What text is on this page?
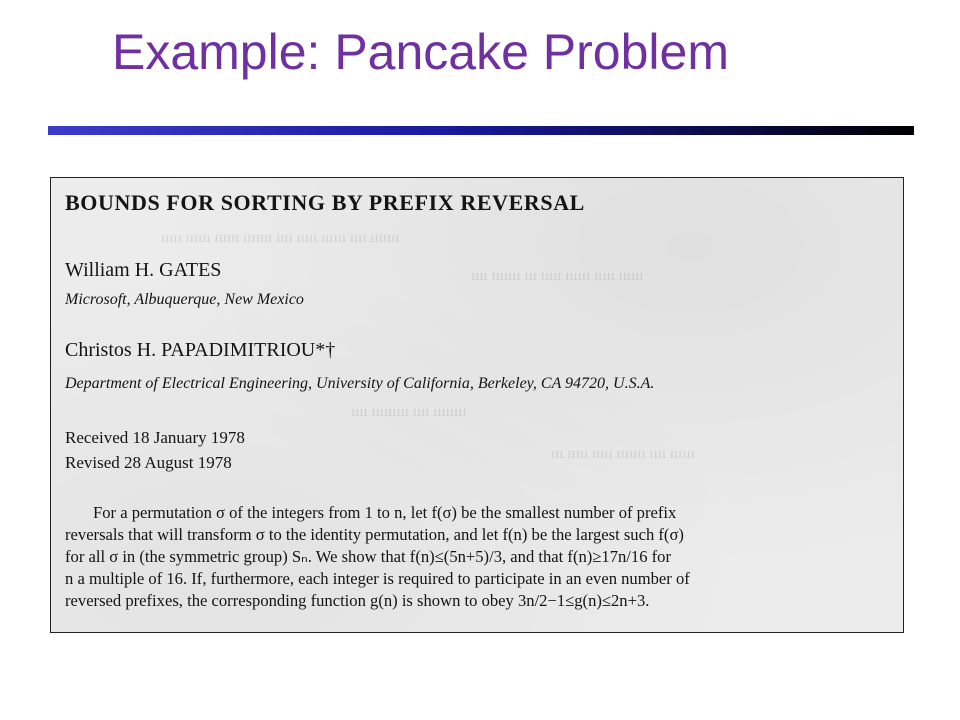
Example: Pancake Problem
ııııııı ıııı ıııııı ııııı ıııı ııııııı ıııııı ıııııı ııııı
ıııııı ııııı ıııııı ııııı ııı ııııııı ıııı
ıııııııı ıııı ııııııııı ıııı
ıııııı ıııı ııııııı ııııı ııııı ııı
BOUNDS FOR SORTING BY PREFIX REVERSAL
William H. GATES
Microsoft, Albuquerque, New Mexico
Christos H. PAPADIMITRIOU*†
Department of Electrical Engineering, University of California, Berkeley, CA 94720, U.S.A.
Received 18 January 1978
Revised 28 August 1978
For a permutation σ of the integers from 1 to n, let f(σ) be the smallest number of prefix
reversals that will transform σ to the identity permutation, and let f(n) be the largest such f(σ)
for all σ in (the symmetric group) Sₙ. We show that f(n)≤(5n+5)/3, and that f(n)≥17n/16 for
n a multiple of 16. If, furthermore, each integer is required to participate in an even number of
reversed prefixes, the corresponding function g(n) is shown to obey 3n/2−1≤g(n)≤2n+3.
